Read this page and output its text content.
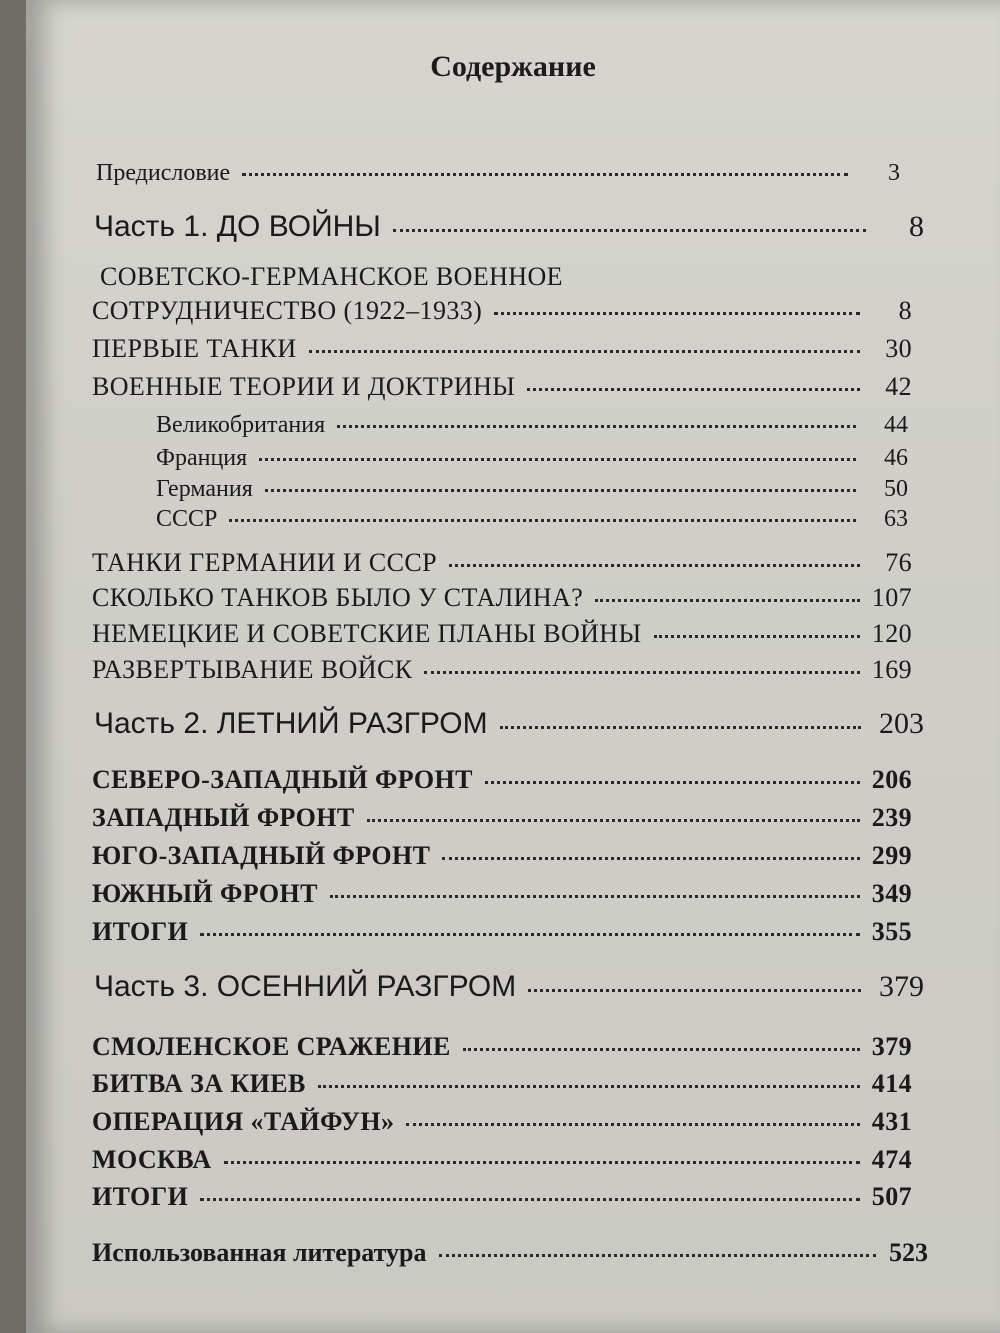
Содержание
Предисловие	3
Часть 1. ДО ВОЙНЫ	8
СОВЕТСКО-ГЕРМАНСКОЕ ВОЕННОЕ
СОТРУДНИЧЕСТВО (1922–1933)	8
ПЕРВЫЕ ТАНКИ	30
ВОЕННЫЕ ТЕОРИИ И ДОКТРИНЫ	42
Великобритания	44
Франция	46
Германия	50
СССР	63
ТАНКИ ГЕРМАНИИ И СССР	76
СКОЛЬКО ТАНКОВ БЫЛО У СТАЛИНА?	107
НЕМЕЦКИЕ И СОВЕТСКИЕ ПЛАНЫ ВОЙНЫ	120
РАЗВЕРТЫВАНИЕ ВОЙСК	169
Часть 2. ЛЕТНИЙ РАЗГРОМ	203
СЕВЕРО-ЗАПАДНЫЙ ФРОНТ	206
ЗАПАДНЫЙ ФРОНТ	239
ЮГО-ЗАПАДНЫЙ ФРОНТ	299
ЮЖНЫЙ ФРОНТ	349
ИТОГИ	355
Часть 3. ОСЕННИЙ РАЗГРОМ	379
СМОЛЕНСКОЕ СРАЖЕНИЕ	379
БИТВА ЗА КИЕВ	414
ОПЕРАЦИЯ «ТАЙФУН»	431
МОСКВА	474
ИТОГИ	507
Использованная литература	523
